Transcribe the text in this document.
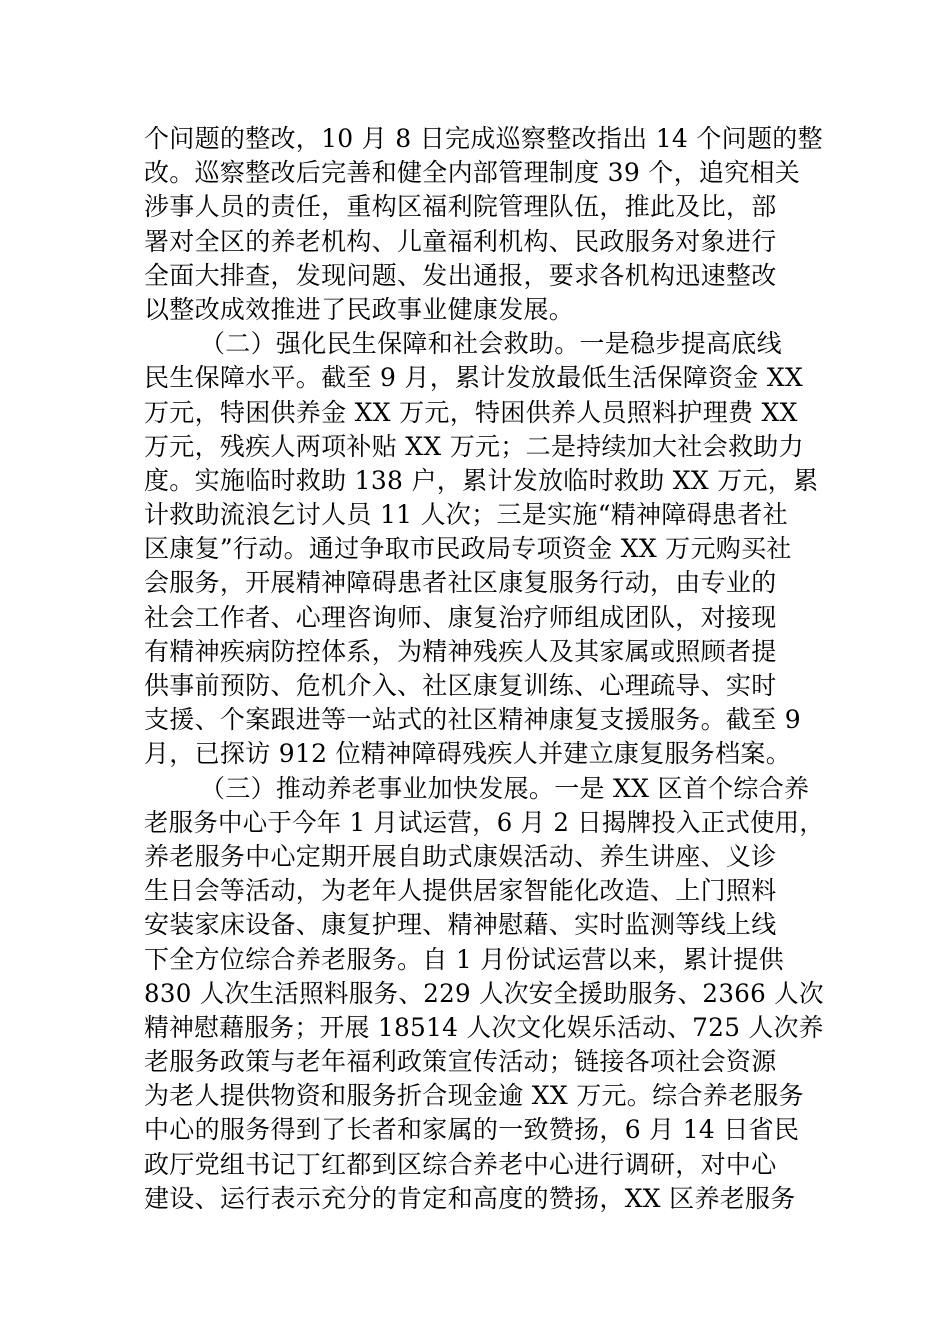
个问题的整改，10 月 8 日完成巡察整改指出 14 个问题的整
改。巡察整改后完善和健全内部管理制度 39 个，追究相关
涉事人员的责任，重构区福利院管理队伍，推此及比，部
署对全区的养老机构、儿童福利机构、民政服务对象进行
全面大排查，发现问题、发出通报，要求各机构迅速整改
以整改成效推进了民政事业健康发展。
（二）强化民生保障和社会救助。一是稳步提高底线
民生保障水平。截至 9 月，累计发放最低生活保障资金 XX
万元，特困供养金 XX 万元，特困供养人员照料护理费 XX
万元，残疾人两项补贴 XX 万元；二是持续加大社会救助力
度。实施临时救助 138 户，累计发放临时救助 XX 万元，累
计救助流浪乞讨人员 11 人次；三是实施“精神障碍患者社
区康复”行动。通过争取市民政局专项资金 XX 万元购买社
会服务，开展精神障碍患者社区康复服务行动，由专业的
社会工作者、心理咨询师、康复治疗师组成团队，对接现
有精神疾病防控体系，为精神残疾人及其家属或照顾者提
供事前预防、危机介入、社区康复训练、心理疏导、实时
支援、个案跟进等一站式的社区精神康复支援服务。截至 9
月，已探访 912 位精神障碍残疾人并建立康复服务档案。
（三）推动养老事业加快发展。一是 XX 区首个综合养
老服务中心于今年 1 月试运营，6 月 2 日揭牌投入正式使用，
养老服务中心定期开展自助式康娱活动、养生讲座、义诊
生日会等活动，为老年人提供居家智能化改造、上门照料
安装家床设备、康复护理、精神慰藉、实时监测等线上线
下全方位综合养老服务。自 1 月份试运营以来，累计提供
830 人次生活照料服务、229 人次安全援助服务、2366 人次
精神慰藉服务；开展 18514 人次文化娱乐活动、725 人次养
老服务政策与老年福利政策宣传活动；链接各项社会资源
为老人提供物资和服务折合现金逾 XX 万元。综合养老服务
中心的服务得到了长者和家属的一致赞扬，6 月 14 日省民
政厅党组书记丁红都到区综合养老中心进行调研，对中心
建设、运行表示充分的肯定和高度的赞扬，XX 区养老服务
